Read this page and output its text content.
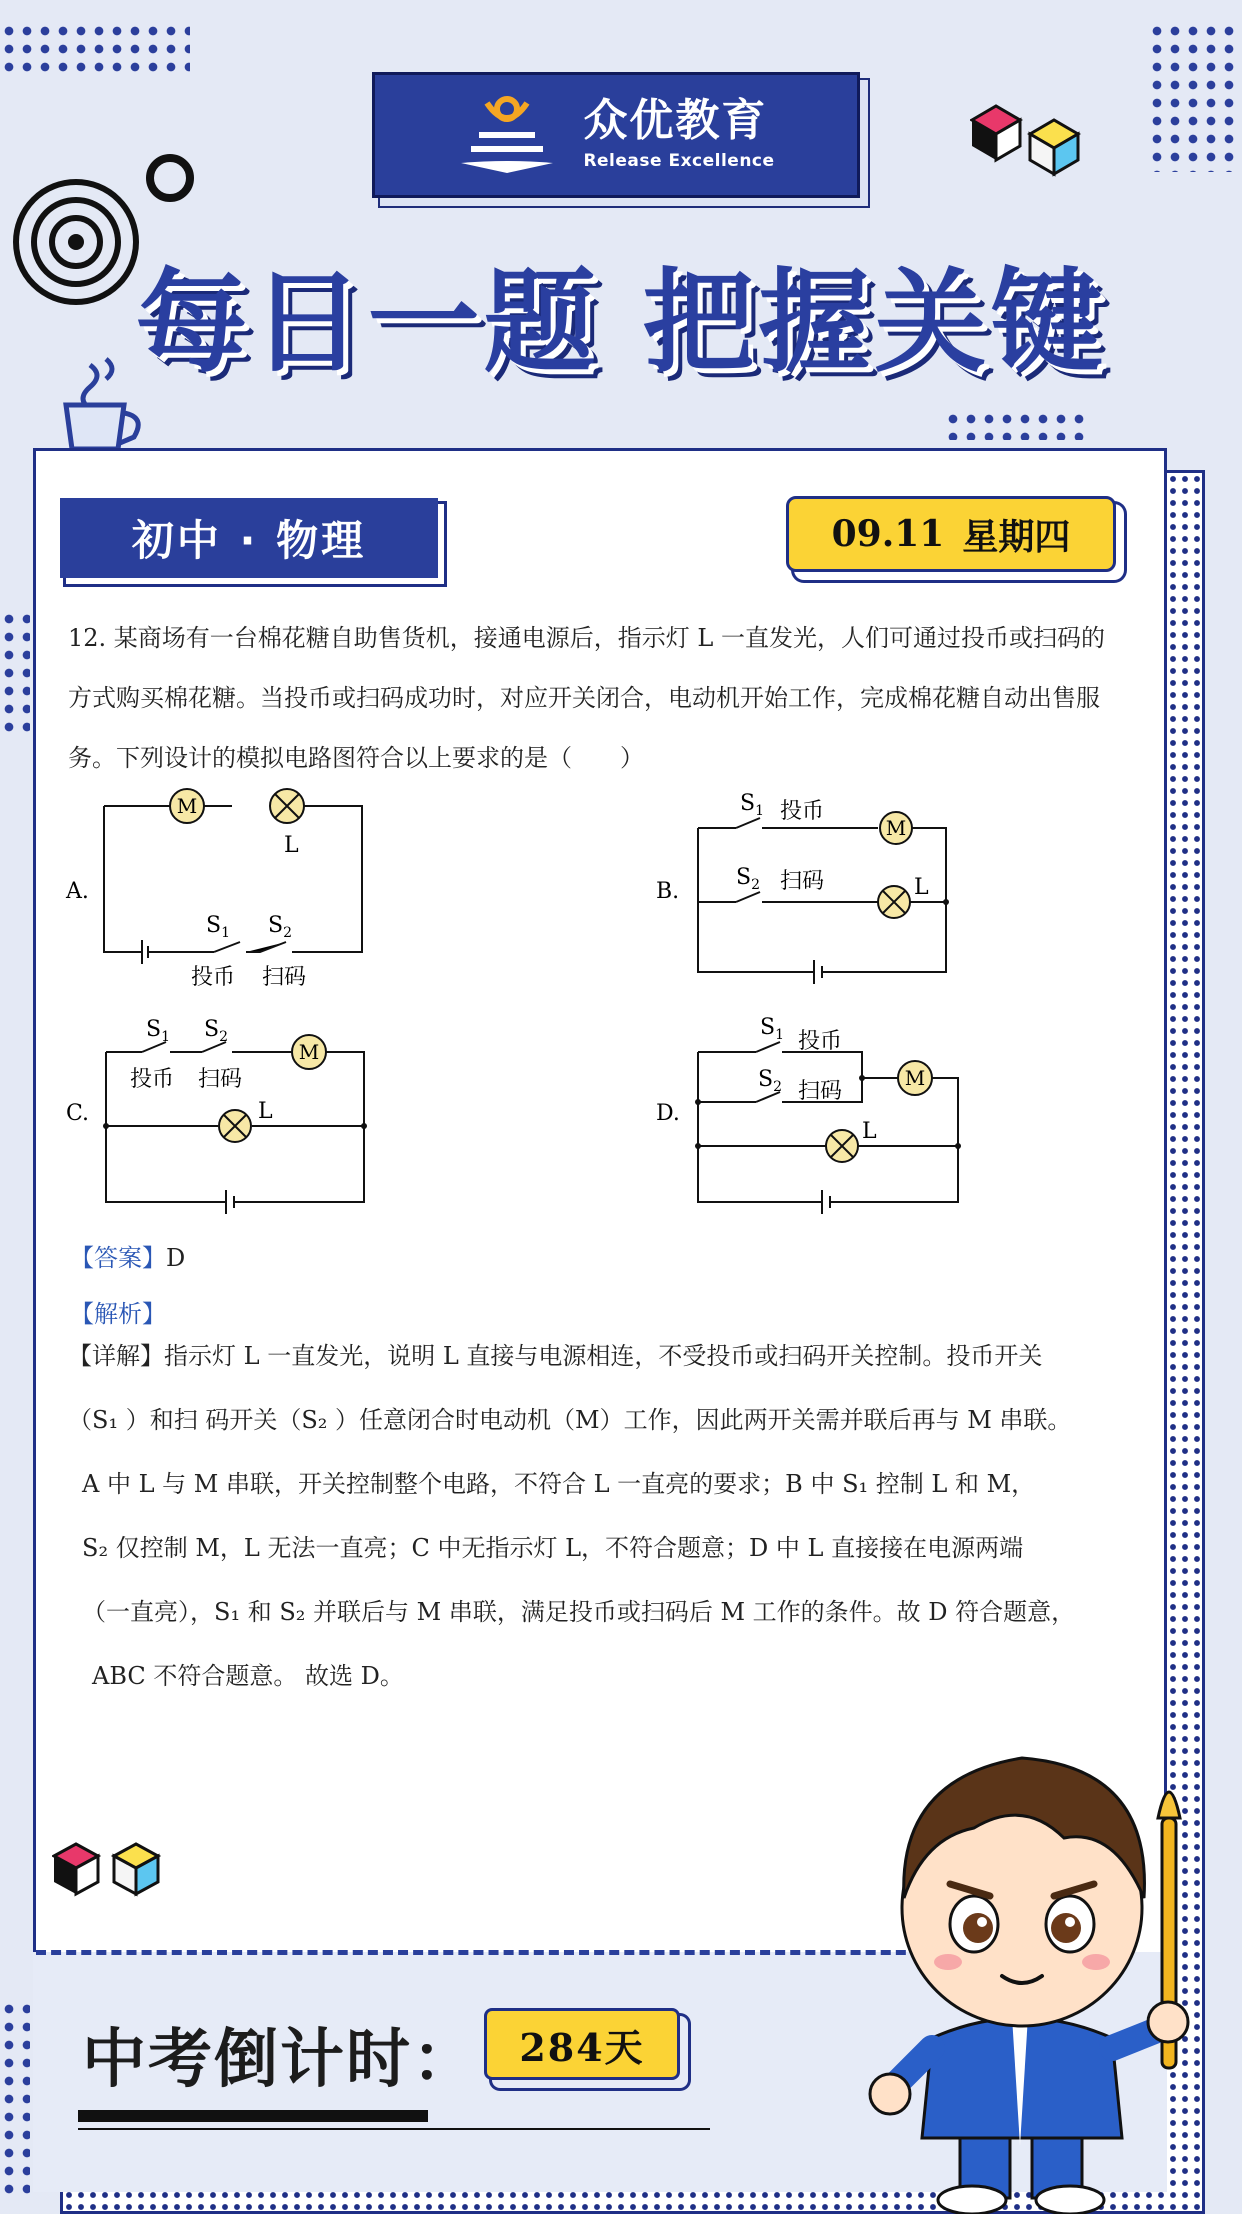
众优教育
Release Excellence
每日一题 把握关键
初中 · 物理	09.11 星期四
12. 某商场有一台棉花糖自助售货机，接通电源后，指示灯 L 一直发光，人们可通过投币或扫码的方式购买棉花糖。当投币或扫码成功时，对应开关闭合，电动机开始工作，完成棉花糖自动出售服务。下列设计的模拟电路图符合以上要求的是（　　）
A.
M
L
$S_1$ $S_2$
投币 扫码
B.
M
L
$S_1$ 投币
$S_2$ 扫码
C.
M
L
$S_1$ $S_2$
投币 扫码
D.
M
L
$S_1$ 投币
$S_2$ 扫码
【答案】D
【解析】

【详解】指示灯 L 一直发光，说明 L 直接与电源相连，不受投币或扫码开关控制。投币开关

（S₁ ）和扫 码开关（S₂ ）任意闭合时电动机（M）工作，因此两开关需并联后再与 M 串联。

A 中 L 与 M 串联，开关控制整个电路，不符合 L 一直亮的要求；B 中 S₁ 控制 L 和 M，

S₂ 仅控制 M，L 无法一直亮；C 中无指示灯 L，不符合题意；D 中 L 直接接在电源两端

（一直亮），S₁ 和 S₂ 并联后与 M 串联，满足投币或扫码后 M 工作的条件。故 D 符合题意，

ABC 不符合题意。 故选 D。

中考倒计时：	284天
